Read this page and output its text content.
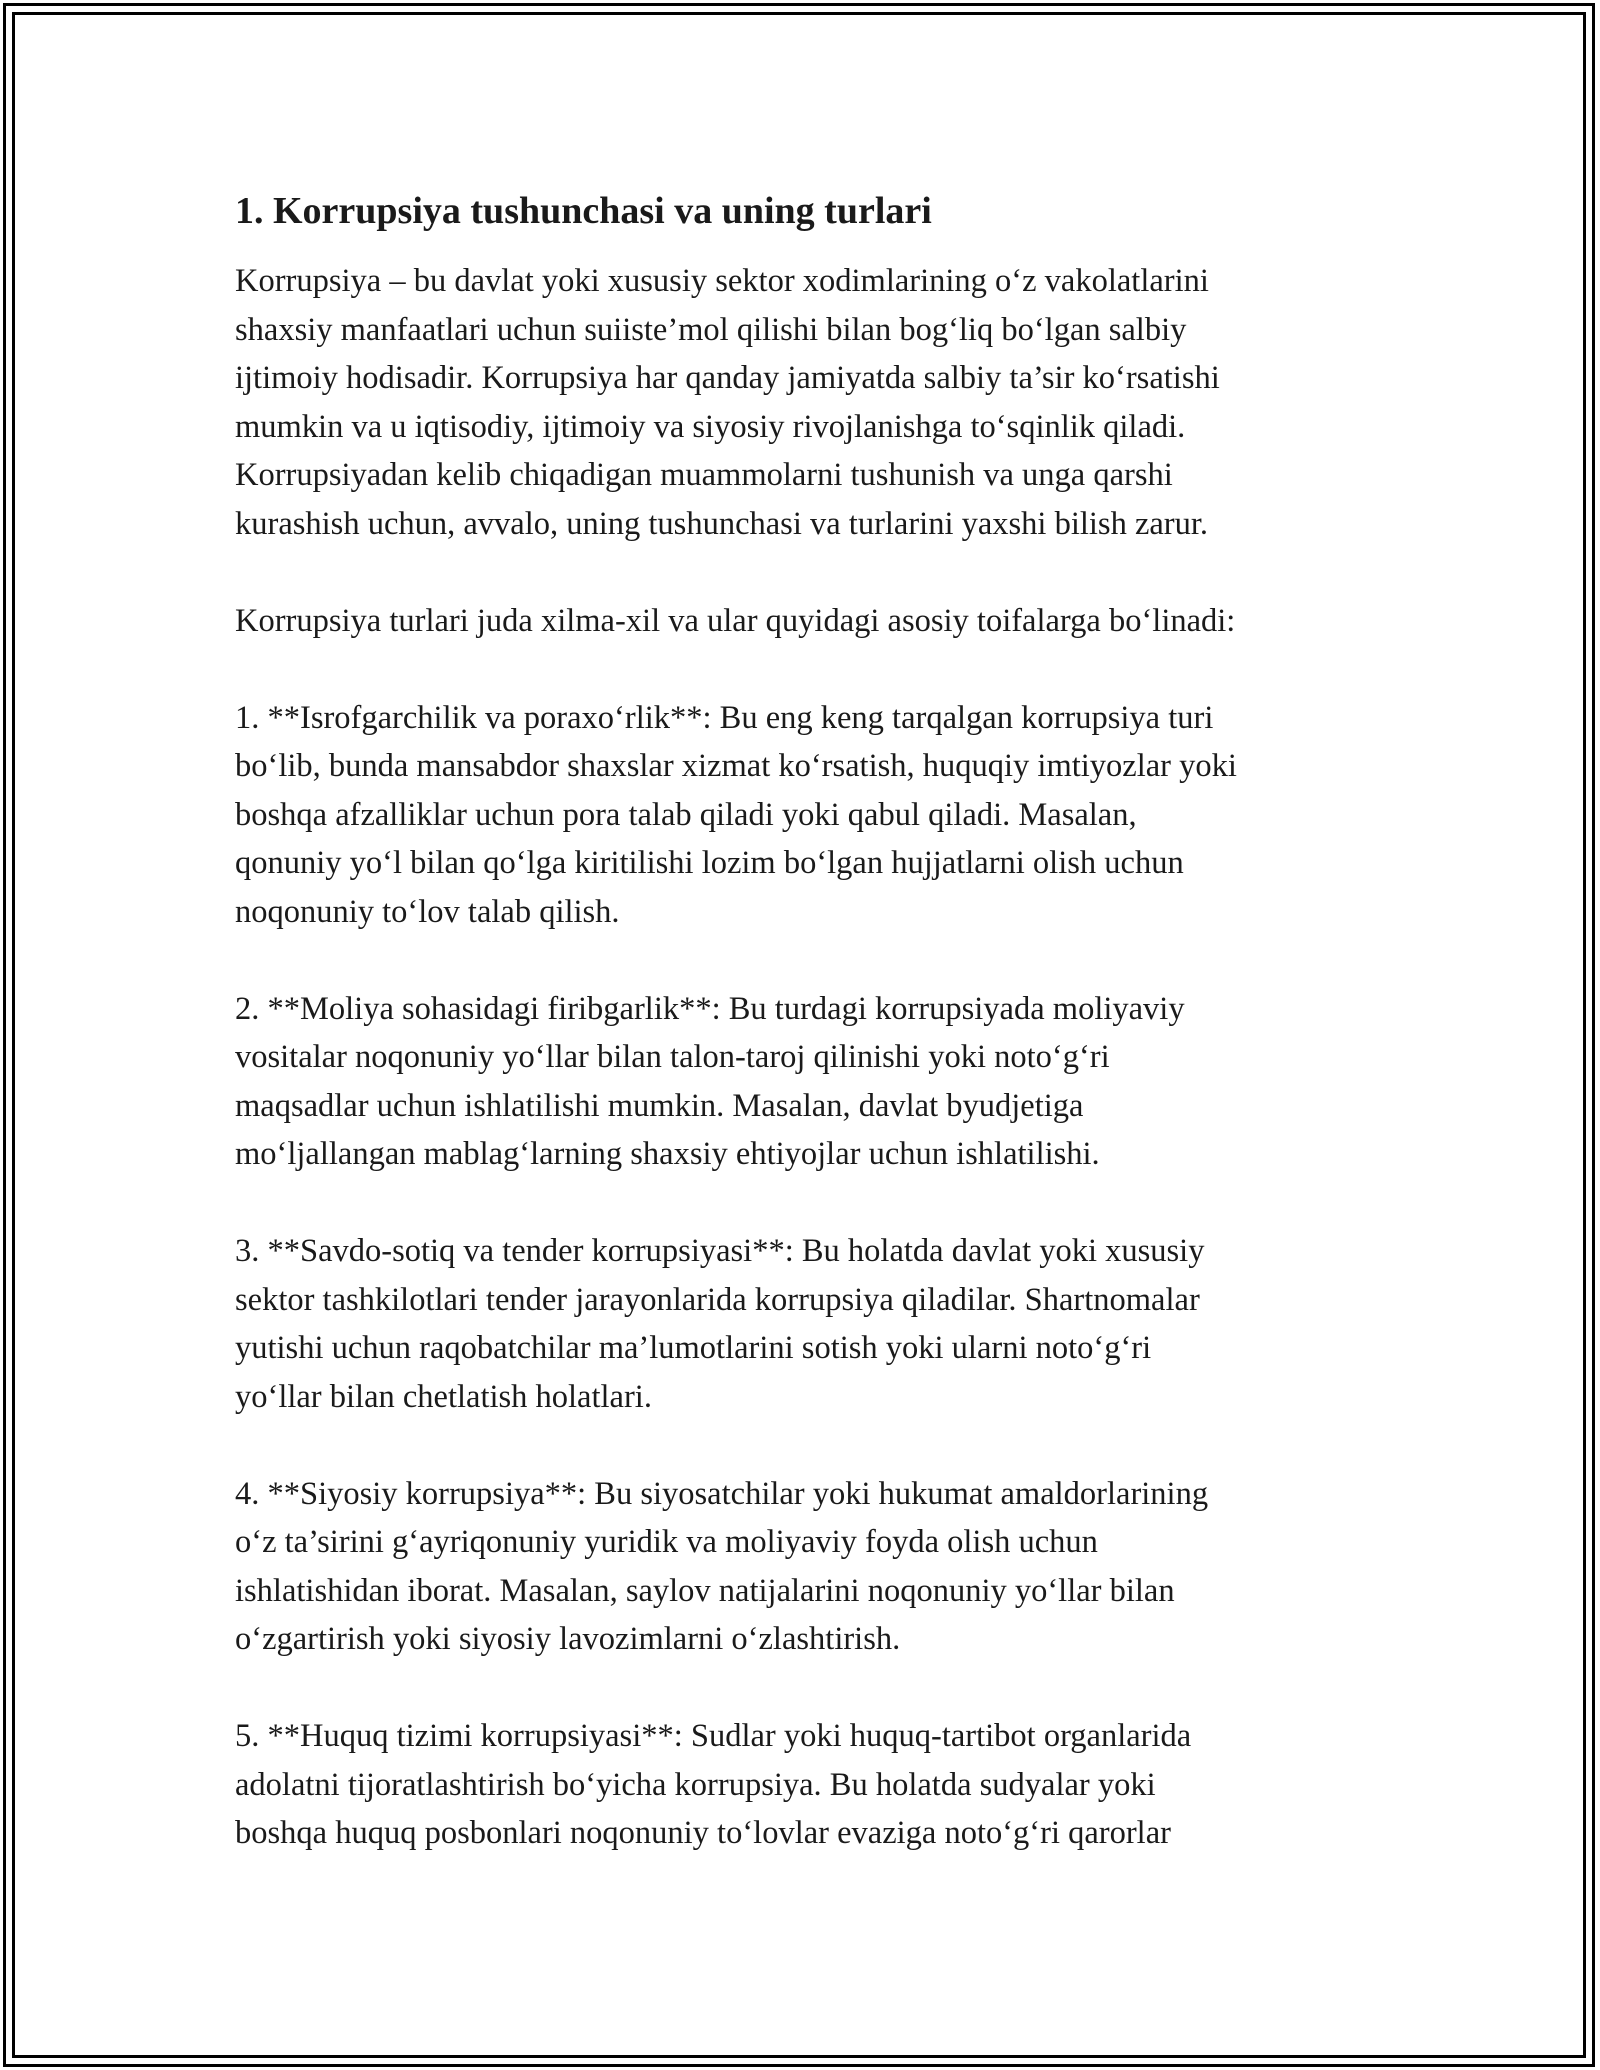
1. Korrupsiya tushunchasi va uning turlari

Korrupsiya – bu davlat yoki xususiy sektor xodimlarining o‘z vakolatlarini
shaxsiy manfaatlari uchun suiiste’mol qilishi bilan bog‘liq bo‘lgan salbiy
ijtimoiy hodisadir. Korrupsiya har qanday jamiyatda salbiy ta’sir ko‘rsatishi
mumkin va u iqtisodiy, ijtimoiy va siyosiy rivojlanishga to‘sqinlik qiladi.
Korrupsiyadan kelib chiqadigan muammolarni tushunish va unga qarshi
kurashish uchun, avvalo, uning tushunchasi va turlarini yaxshi bilish zarur.

Korrupsiya turlari juda xilma-xil va ular quyidagi asosiy toifalarga bo‘linadi:

1. **Isrofgarchilik va poraxo‘rlik**: Bu eng keng tarqalgan korrupsiya turi
bo‘lib, bunda mansabdor shaxslar xizmat ko‘rsatish, huquqiy imtiyozlar yoki
boshqa afzalliklar uchun pora talab qiladi yoki qabul qiladi. Masalan,
qonuniy yo‘l bilan qo‘lga kiritilishi lozim bo‘lgan hujjatlarni olish uchun
noqonuniy to‘lov talab qilish.

2. **Moliya sohasidagi firibgarlik**: Bu turdagi korrupsiyada moliyaviy
vositalar noqonuniy yo‘llar bilan talon-taroj qilinishi yoki noto‘g‘ri
maqsadlar uchun ishlatilishi mumkin. Masalan, davlat byudjetiga
mo‘ljallangan mablag‘larning shaxsiy ehtiyojlar uchun ishlatilishi.

3. **Savdo-sotiq va tender korrupsiyasi**: Bu holatda davlat yoki xususiy
sektor tashkilotlari tender jarayonlarida korrupsiya qiladilar. Shartnomalar
yutishi uchun raqobatchilar ma’lumotlarini sotish yoki ularni noto‘g‘ri
yo‘llar bilan chetlatish holatlari.

4. **Siyosiy korrupsiya**: Bu siyosatchilar yoki hukumat amaldorlarining
o‘z ta’sirini g‘ayriqonuniy yuridik va moliyaviy foyda olish uchun
ishlatishidan iborat. Masalan, saylov natijalarini noqonuniy yo‘llar bilan
o‘zgartirish yoki siyosiy lavozimlarni o‘zlashtirish.

5. **Huquq tizimi korrupsiyasi**: Sudlar yoki huquq-tartibot organlarida
adolatni tijoratlashtirish bo‘yicha korrupsiya. Bu holatda sudyalar yoki
boshqa huquq posbonlari noqonuniy to‘lovlar evaziga noto‘g‘ri qarorlar
